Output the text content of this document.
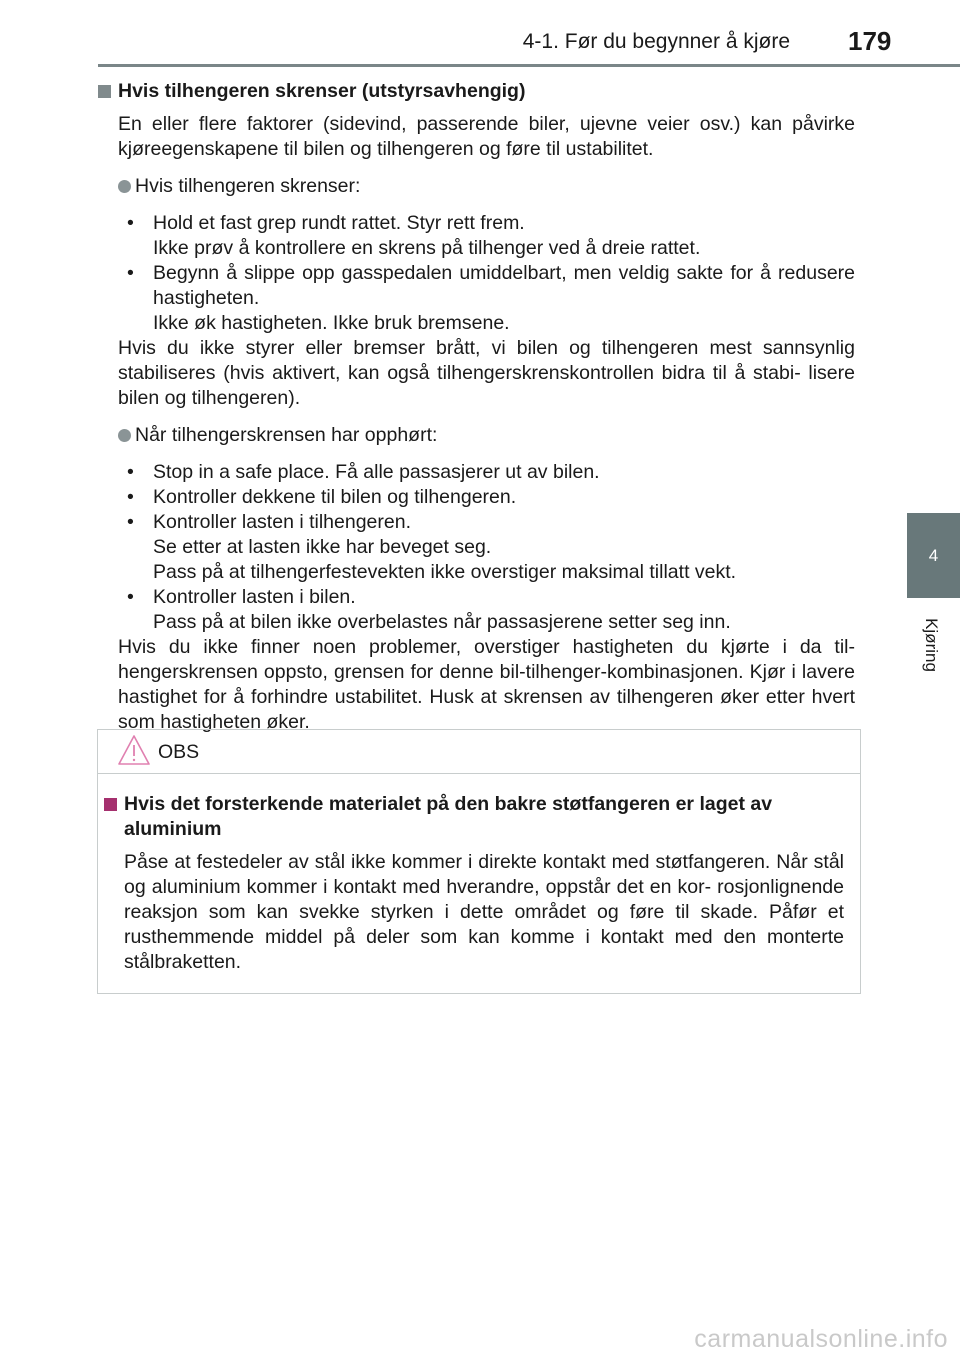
4-1. Før du begynner å kjøre 179
4
Kjøring
Hvis tilhengeren skrenser (utstyrsavhengig)
En eller flere faktorer (sidevind, passerende biler, ujevne veier osv.) kan påvirke kjøreegenskapene til bilen og tilhengeren og føre til ustabilitet.
Hvis tilhengeren skrenser:
• Hold et fast grep rundt rattet. Styr rett frem.
Ikke prøv å kontrollere en skrens på tilhenger ved å dreie rattet.
• Begynn å slippe opp gasspedalen umiddelbart, men veldig sakte for å redusere hastigheten.
Ikke øk hastigheten. Ikke bruk bremsene.
Hvis du ikke styrer eller bremser brått, vi bilen og tilhengeren mest sannsynlig stabiliseres (hvis aktivert, kan også tilhengerskrenskontrollen bidra til å stabi- lisere bilen og tilhengeren).
Når tilhengerskrensen har opphørt:
• Stop in a safe place. Få alle passasjerer ut av bilen.
• Kontroller dekkene til bilen og tilhengeren.
• Kontroller lasten i tilhengeren.
Se etter at lasten ikke har beveget seg.
Pass på at tilhengerfestevekten ikke overstiger maksimal tillatt vekt.
• Kontroller lasten i bilen.
Pass på at bilen ikke overbelastes når passasjerene setter seg inn.
Hvis du ikke finner noen problemer, overstiger hastigheten du kjørte i da til- hengerskrensen oppsto, grensen for denne bil-tilhenger-kombinasjonen. Kjør i lavere hastighet for å forhindre ustabilitet. Husk at skrensen av tilhengeren øker etter hvert som hastigheten øker.
OBS
Hvis det forsterkende materialet på den bakre støtfangeren er laget av aluminium
Påse at festedeler av stål ikke kommer i direkte kontakt med støtfangeren. Når stål og aluminium kommer i kontakt med hverandre, oppstår det en kor- rosjonlignende reaksjon som kan svekke styrken i dette området og føre til skade. Påfør et rusthemmende middel på deler som kan komme i kontakt med den monterte stålbraketten.
carmanualsonline.info
